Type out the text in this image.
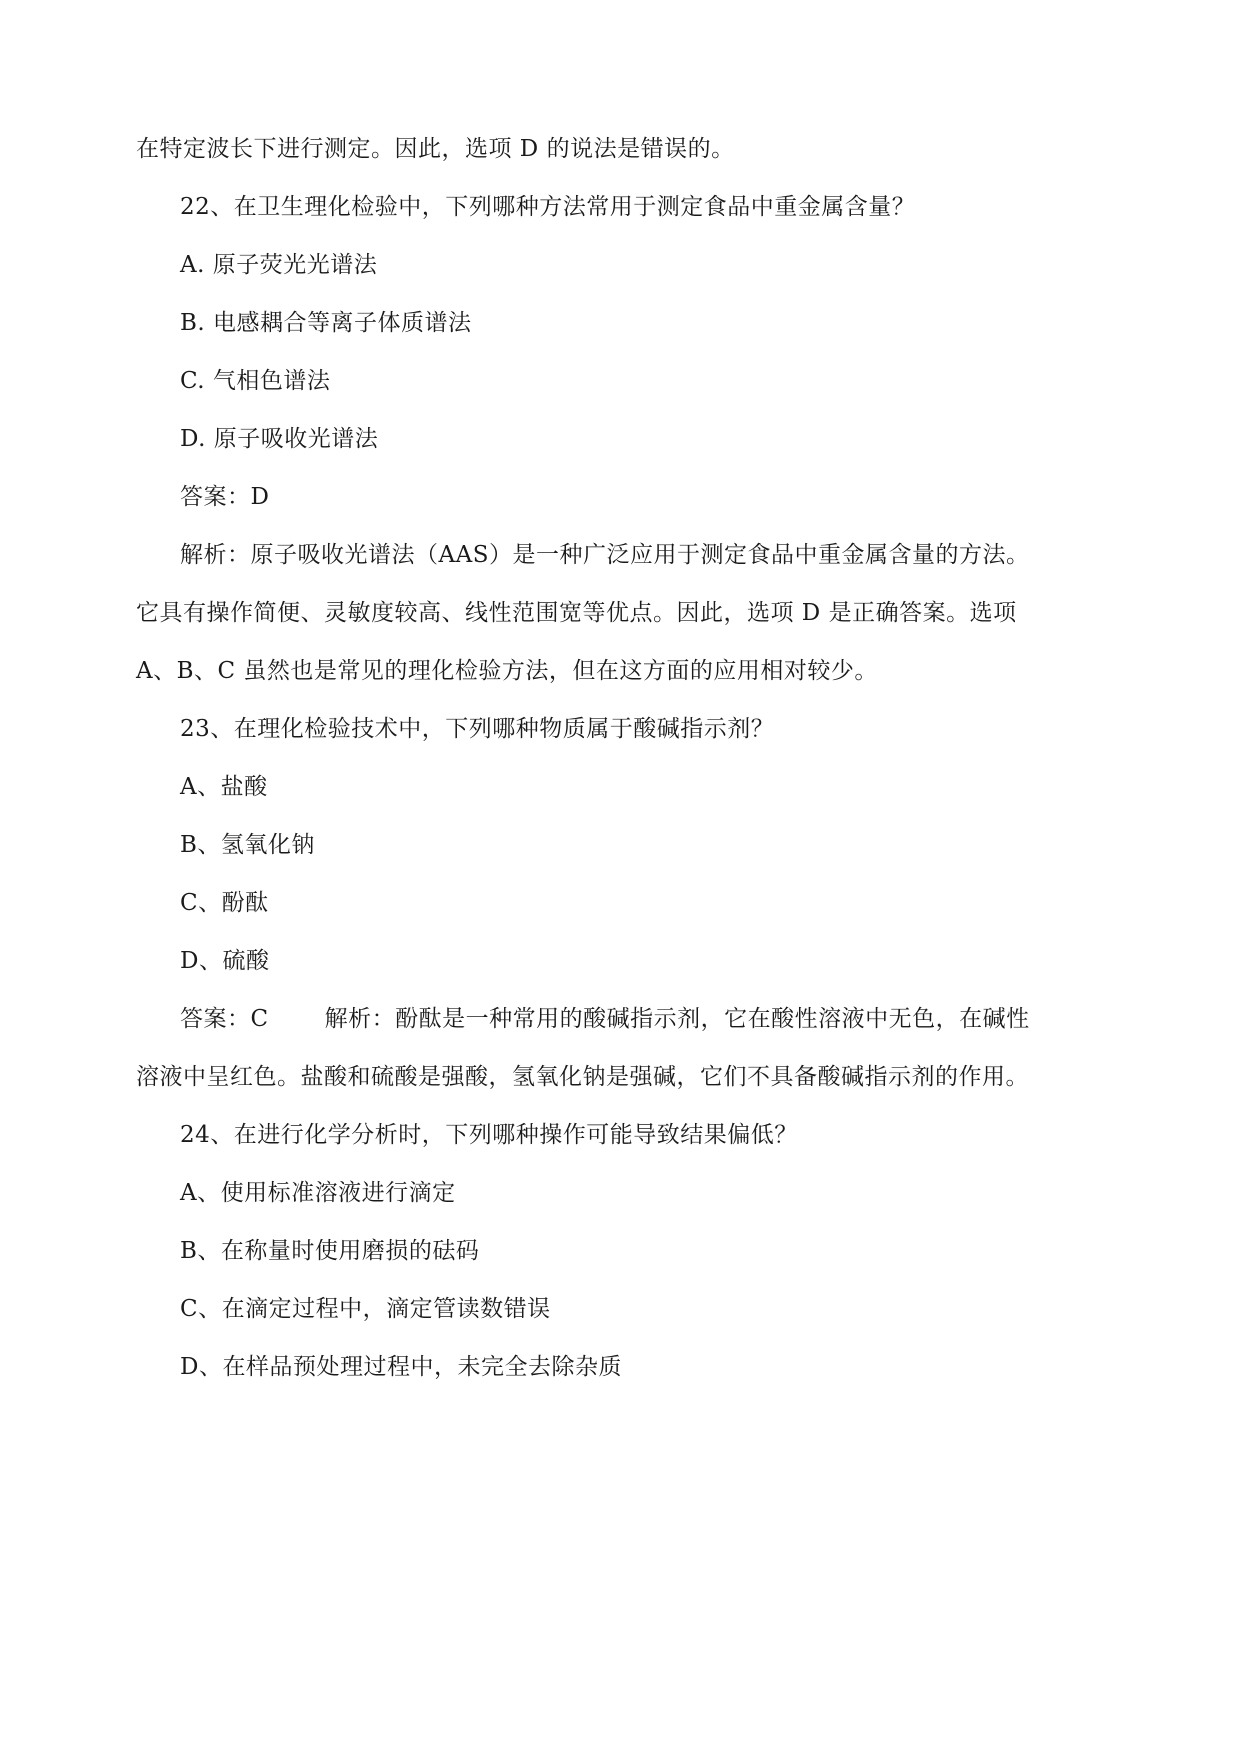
在特定波长下进行测定。因此，选项 D 的说法是错误的。
22、在卫生理化检验中，下列哪种方法常用于测定食品中重金属含量？
A. 原子荧光光谱法
B. 电感耦合等离子体质谱法
C. 气相色谱法
D. 原子吸收光谱法
答案：D
解析：原子吸收光谱法（AAS）是一种广泛应用于测定食品中重金属含量的方法。
它具有操作简便、灵敏度较高、线性范围宽等优点。因此，选项 D 是正确答案。选项
A、B、C 虽然也是常见的理化检验方法，但在这方面的应用相对较少。
23、在理化检验技术中，下列哪种物质属于酸碱指示剂？
A、盐酸
B、氢氧化钠
C、酚酞
D、硫酸
答案：C 解析：酚酞是一种常用的酸碱指示剂，它在酸性溶液中无色，在碱性
溶液中呈红色。盐酸和硫酸是强酸，氢氧化钠是强碱，它们不具备酸碱指示剂的作用。
24、在进行化学分析时，下列哪种操作可能导致结果偏低？
A、使用标准溶液进行滴定
B、在称量时使用磨损的砝码
C、在滴定过程中，滴定管读数错误
D、在样品预处理过程中，未完全去除杂质
